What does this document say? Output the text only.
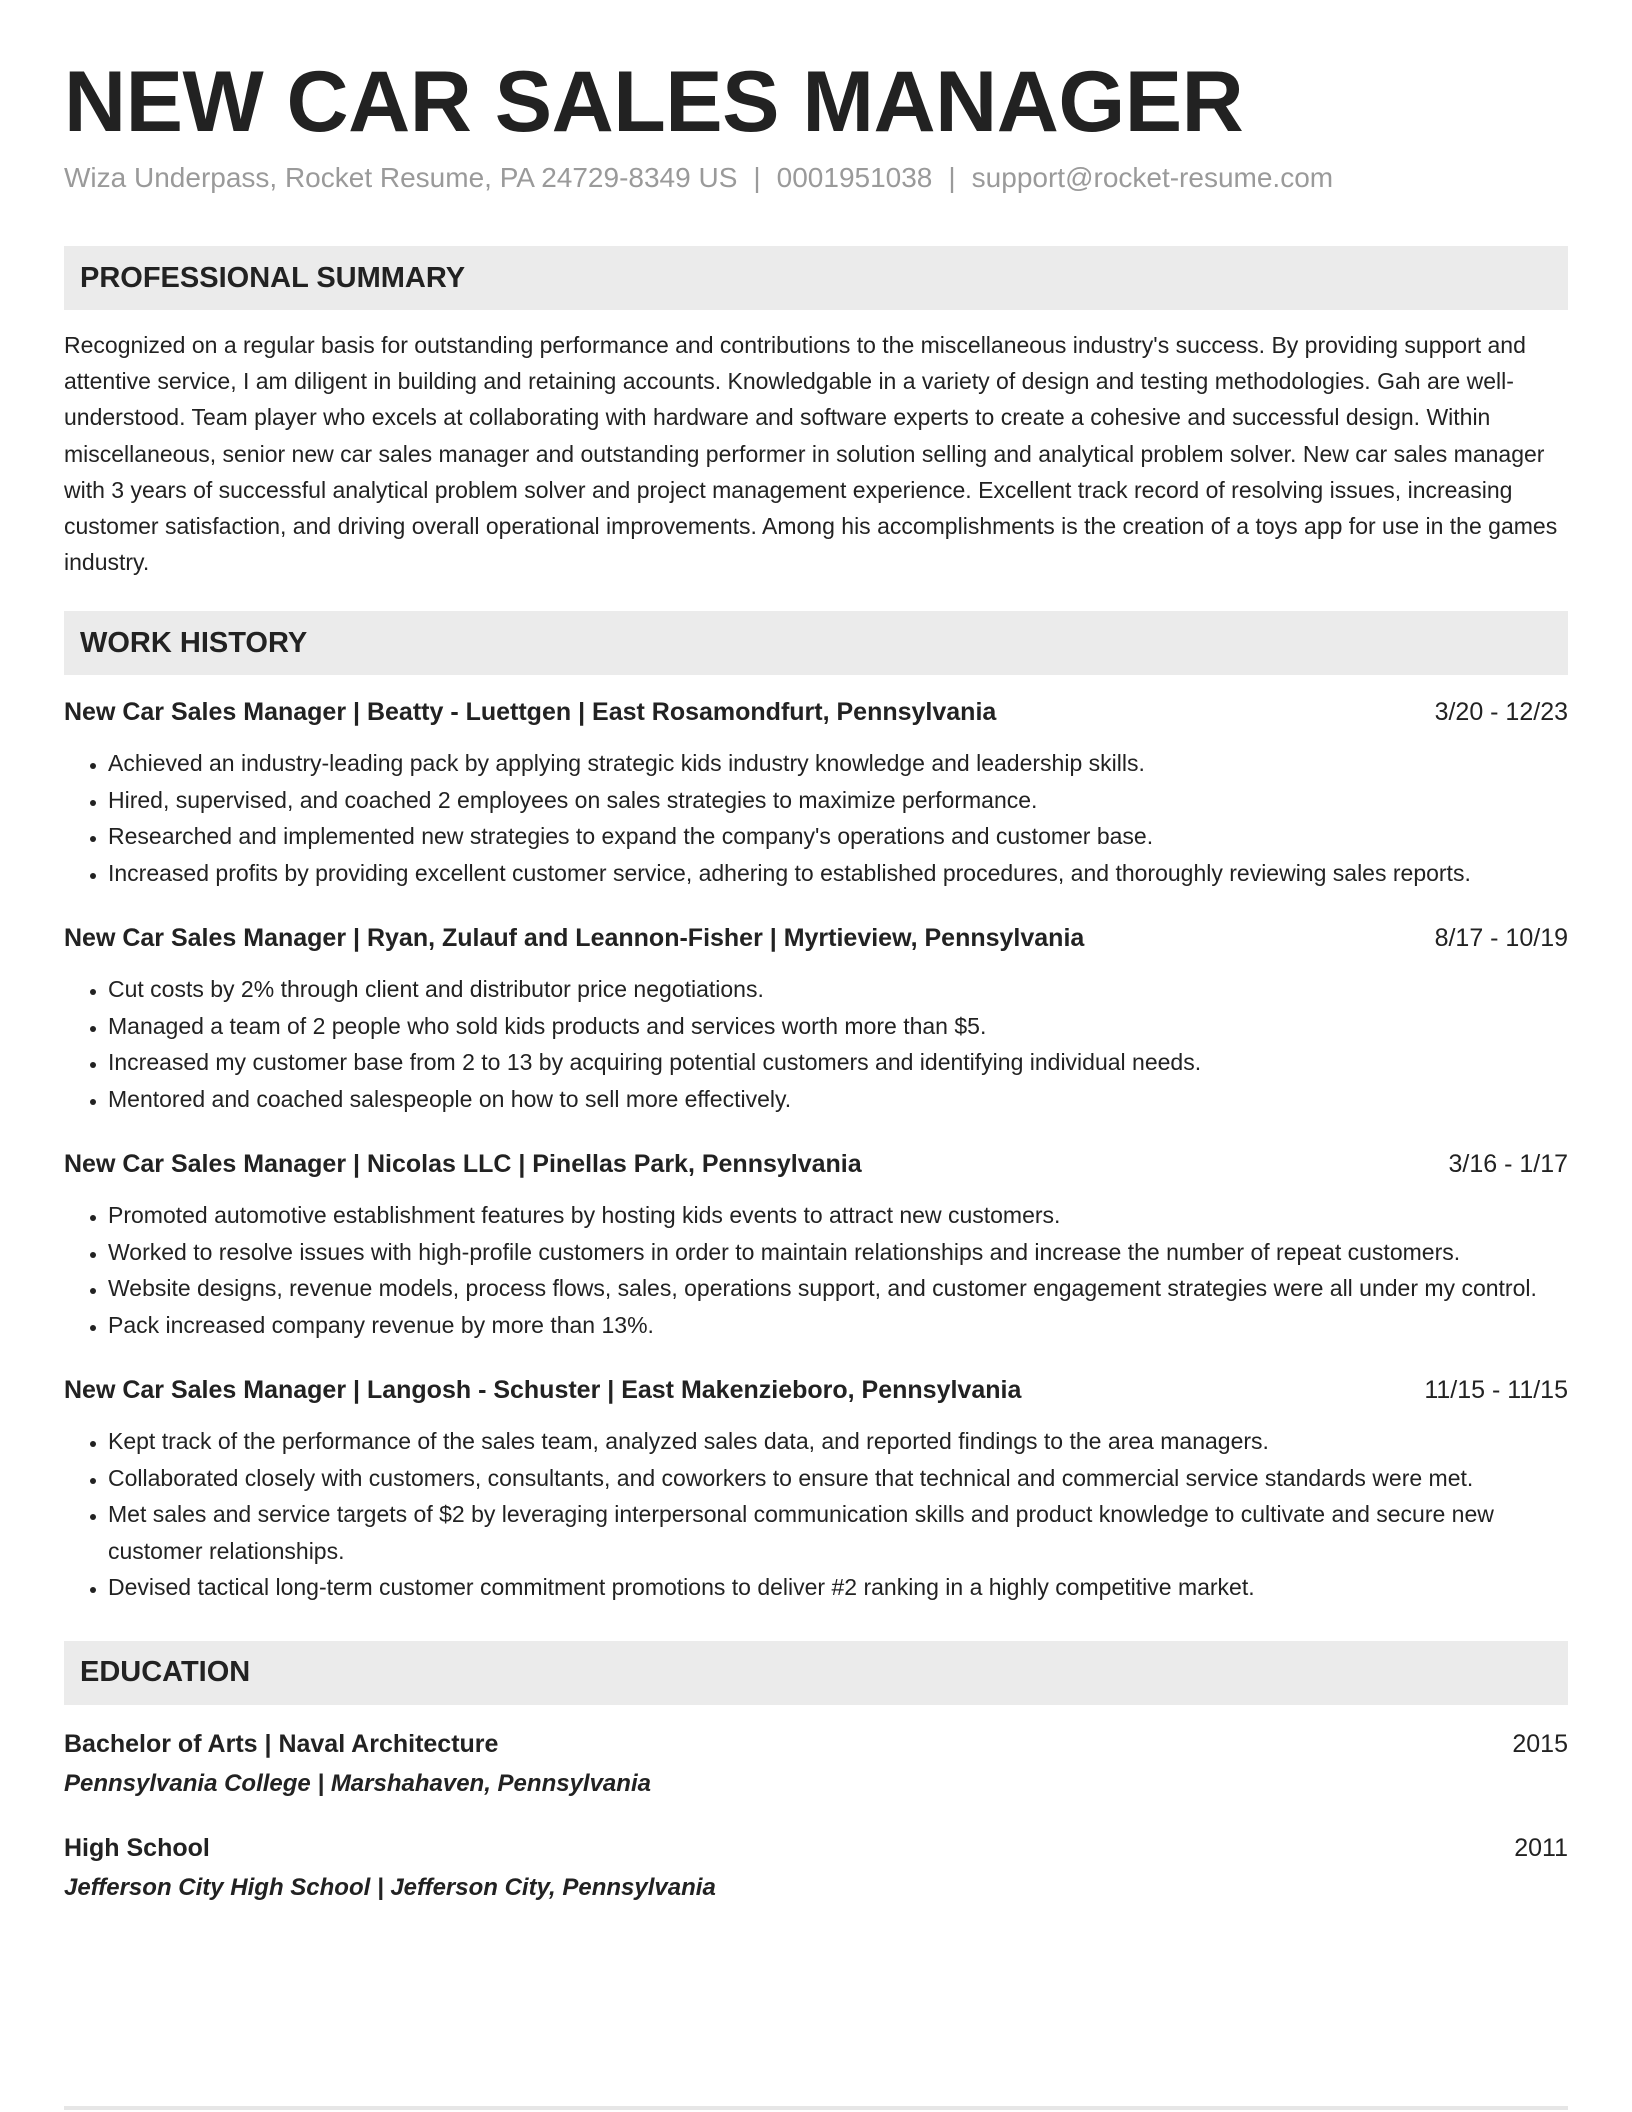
NEW CAR SALES MANAGER
Wiza Underpass, Rocket Resume, PA 24729-8349 US | 0001951038 | support@rocket-resume.com
PROFESSIONAL SUMMARY
Recognized on a regular basis for outstanding performance and contributions to the miscellaneous industry's success. By providing support and attentive service, I am diligent in building and retaining accounts. Knowledgable in a variety of design and testing methodologies. Gah are well-understood. Team player who excels at collaborating with hardware and software experts to create a cohesive and successful design. Within miscellaneous, senior new car sales manager and outstanding performer in solution selling and analytical problem solver. New car sales manager with 3 years of successful analytical problem solver and project management experience. Excellent track record of resolving issues, increasing customer satisfaction, and driving overall operational improvements. Among his accomplishments is the creation of a toys app for use in the games industry.
WORK HISTORY
New Car Sales Manager | Beatty - Luettgen | East Rosamondfurt, Pennsylvania	3/20 - 12/23
• Achieved an industry-leading pack by applying strategic kids industry knowledge and leadership skills.
• Hired, supervised, and coached 2 employees on sales strategies to maximize performance.
• Researched and implemented new strategies to expand the company's operations and customer base.
• Increased profits by providing excellent customer service, adhering to established procedures, and thoroughly reviewing sales reports.
New Car Sales Manager | Ryan, Zulauf and Leannon-Fisher | Myrtieview, Pennsylvania	8/17 - 10/19
• Cut costs by 2% through client and distributor price negotiations.
• Managed a team of 2 people who sold kids products and services worth more than $5.
• Increased my customer base from 2 to 13 by acquiring potential customers and identifying individual needs.
• Mentored and coached salespeople on how to sell more effectively.
New Car Sales Manager | Nicolas LLC | Pinellas Park, Pennsylvania	3/16 - 1/17
• Promoted automotive establishment features by hosting kids events to attract new customers.
• Worked to resolve issues with high-profile customers in order to maintain relationships and increase the number of repeat customers.
• Website designs, revenue models, process flows, sales, operations support, and customer engagement strategies were all under my control.
• Pack increased company revenue by more than 13%.
New Car Sales Manager | Langosh - Schuster | East Makenzieboro, Pennsylvania	11/15 - 11/15
• Kept track of the performance of the sales team, analyzed sales data, and reported findings to the area managers.
• Collaborated closely with customers, consultants, and coworkers to ensure that technical and commercial service standards were met.
• Met sales and service targets of $2 by leveraging interpersonal communication skills and product knowledge to cultivate and secure new customer relationships.
• Devised tactical long-term customer commitment promotions to deliver #2 ranking in a highly competitive market.
EDUCATION
Bachelor of Arts | Naval Architecture	2015
Pennsylvania College | Marshahaven, Pennsylvania
High School	2011
Jefferson City High School | Jefferson City, Pennsylvania
